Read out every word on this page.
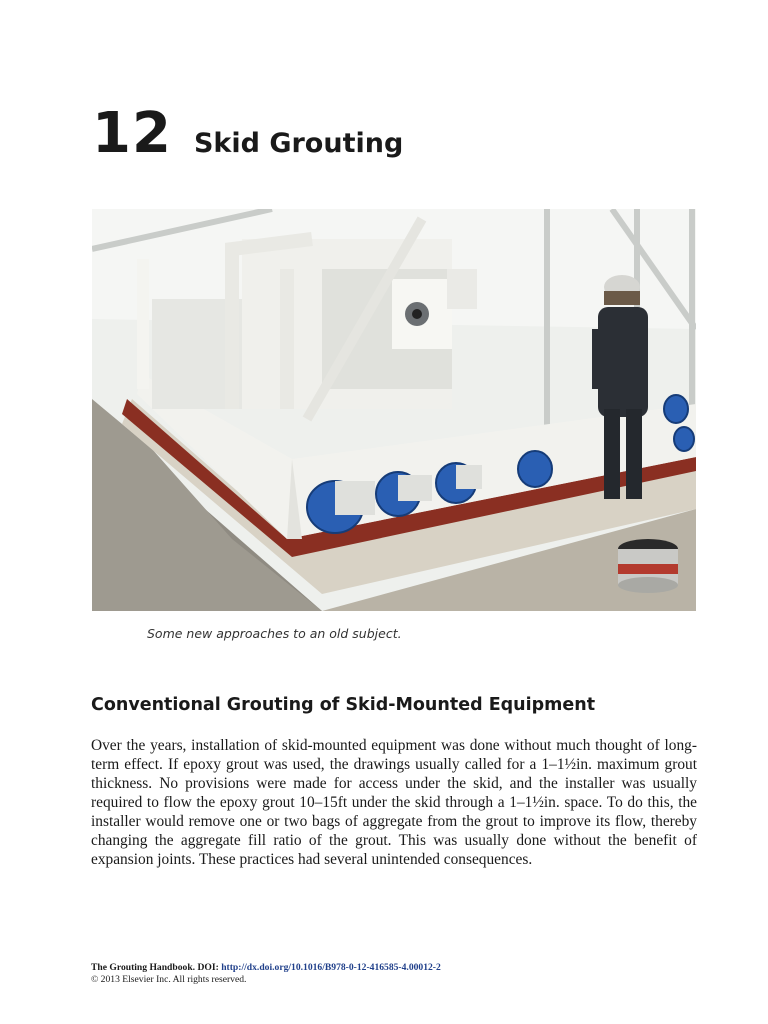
12 Skid Grouting
Some new approaches to an old subject.
Conventional Grouting of Skid-Mounted Equipment

Over the years, installation of skid-mounted equipment was done without much thought of long-term effect. If epoxy grout was used, the drawings usually called for a 1–1½in. maximum grout thickness. No provisions were made for access under the skid, and the installer was usually required to flow the epoxy grout 10–15ft under the skid through a 1–1½in. space. To do this, the installer would remove one or two bags of aggregate from the grout to improve its flow, thereby changing the aggregate fill ratio of the grout. This was usually done without the benefit of expansion joints. These practices had several unintended consequences.

The Grouting Handbook. DOI: http://dx.doi.org/10.1016/B978-0-12-416585-4.00012-2
© 2013 Elsevier Inc. All rights reserved.
